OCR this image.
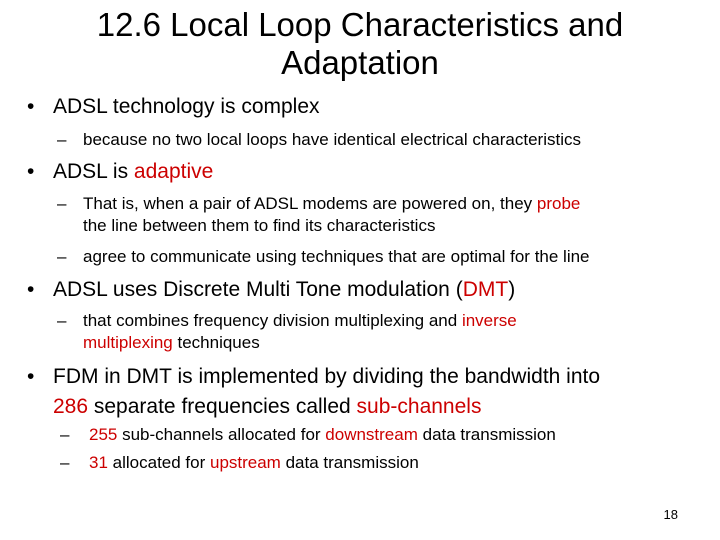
12.6 Local Loop Characteristics and
Adaptation
• ADSL technology is complex
– because no two local loops have identical electrical characteristics
• ADSL is adaptive
– That is, when a pair of ADSL modems are powered on, they probe
the line between them to find its characteristics
– agree to communicate using techniques that are optimal for the line
• ADSL uses Discrete Multi Tone modulation (DMT)
– that combines frequency division multiplexing and inverse
multiplexing techniques
• FDM in DMT is implemented by dividing the bandwidth into
286 separate frequencies called sub-channels
– 255 sub-channels allocated for downstream data transmission
– 31 allocated for upstream data transmission
18
